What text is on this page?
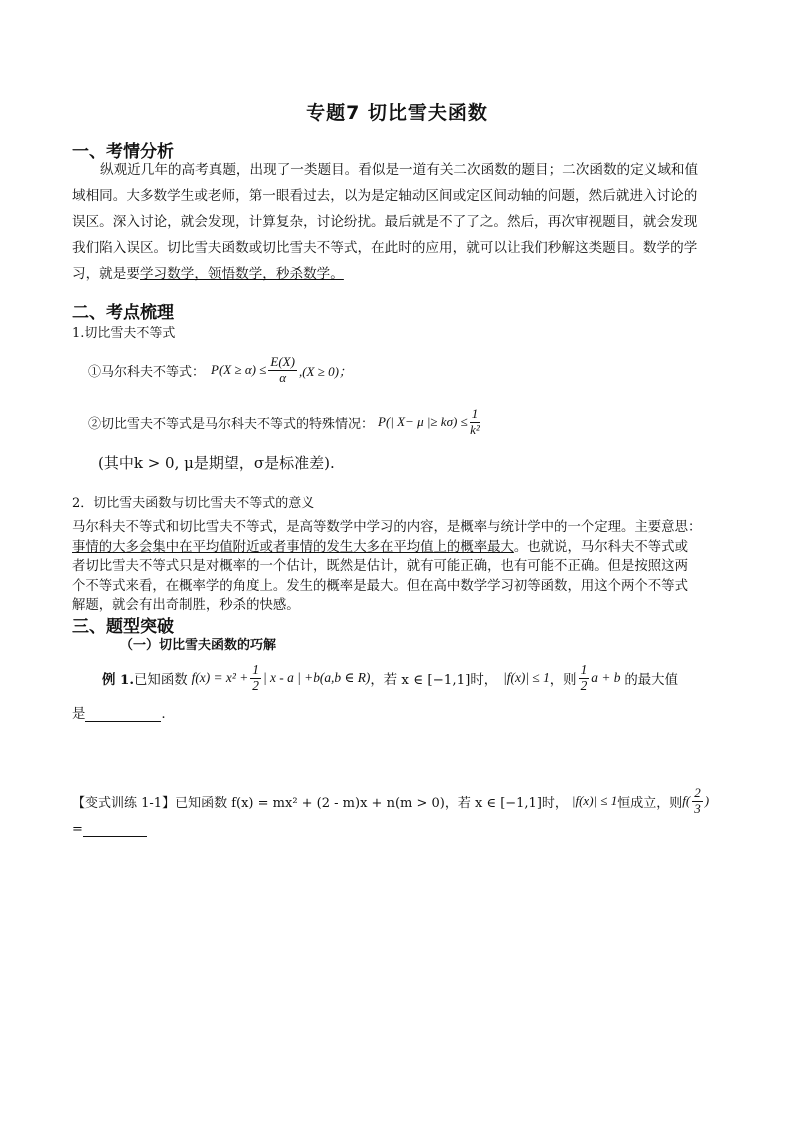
专题7 切比雪夫函数
一、考情分析
纵观近几年的高考真题，出现了一类题目。看似是一道有关二次函数的题目；二次函数的定义域和值
域相同。大多数学生或老师，第一眼看过去，以为是定轴动区间或定区间动轴的问题，然后就进入讨论的
误区。深入讨论，就会发现，计算复杂，讨论纷扰。最后就是不了了之。然后，再次审视题目，就会发现
我们陷入误区。切比雪夫函数或切比雪夫不等式，在此时的应用，就可以让我们秒解这类题目。数学的学
习，就是要学习数学，领悟数学，秒杀数学。
二、考点梳理
1.切比雪夫不等式
①马尔科夫不等式： $P(X \ge \alpha) \le \frac{E(X)}{\alpha} ,(X \ge 0)$；
②切比雪夫不等式是马尔科夫不等式的特殊情况： P(| X− μ |≥ $k\sigma) \le \frac{1}{\text{k²}}$
(其中k > 0, μ是期望，σ是标准差).
2．切比雪夫函数与切比雪夫不等式的意义
马尔科夫不等式和切比雪夫不等式，是高等数学中学习的内容，是概率与统计学中的一个定理。主要意思：
事情的大多会集中在平均值附近或者事情的发生大多在平均值上的概率最大。也就说，马尔科夫不等式或
者切比雪夫不等式只是对概率的一个估计，既然是估计，就有可能正确，也有可能不正确。但是按照这两
个不等式来看，在概率学的角度上。发生的概率是最大。但在高中数学学习初等函数，用这个两个不等式
解题，就会有出奇制胜，秒杀的快感。
三、题型突破
（一）切比雪夫函数的巧解
例 1. 已知函数 $f(x) = x^2 + \frac{1}{2}$ | x - a | +b(a,b ∈ R) ，若 x ∈ [−1,1]时， |f(x)| ≤ 1 ，则 $\frac{1}{2}$ a + b 的最大值
是	.
【变式训练 1-1】 已知函数 f(x) = mx² + (2 - m)x + n(m > 0)，若 x ∈ [−1,1]时， |f(x)| ≤ 1 恒成立，则 $f( \frac{2}{3}$ )
=
